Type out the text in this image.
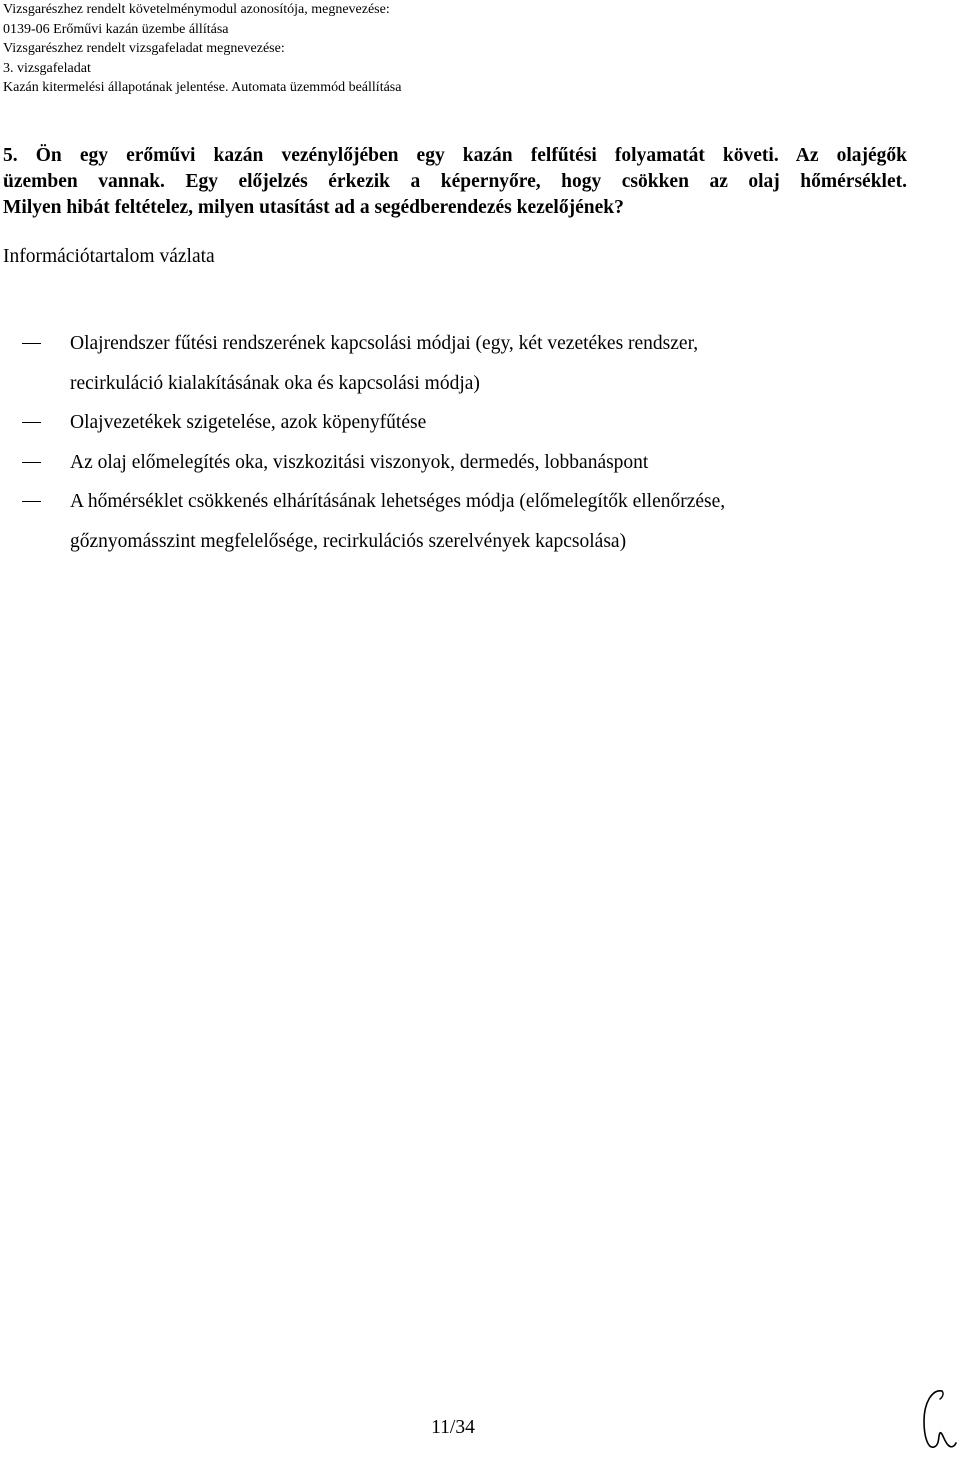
Vizsgarészhez rendelt követelménymodul azonosítója, megnevezése:
0139-06 Erőművi kazán üzembe állítása
Vizsgarészhez rendelt vizsgafeladat megnevezése:
3. vizsgafeladat
Kazán kitermelési állapotának jelentése. Automata üzemmód beállítása
5. Ön egy erőművi kazán vezénylőjében egy kazán felfűtési folyamatát követi. Az olajégők
üzemben vannak. Egy előjelzés érkezik a képernyőre, hogy csökken az olaj hőmérséklet.
Milyen hibát feltételez, milyen utasítást ad a segédberendezés kezelőjének?
Információtartalom vázlata
Olajrendszer fűtési rendszerének kapcsolási módjai (egy, két vezetékes rendszer,
recirkuláció kialakításának oka és kapcsolási módja)
Olajvezetékek szigetelése, azok köpenyfűtése
Az olaj előmelegítés oka, viszkozitási viszonyok, dermedés, lobbanáspont
A hőmérséklet csökkenés elhárításának lehetséges módja (előmelegítők ellenőrzése,
gőznyomásszint megfelelősége, recirkulációs szerelvények kapcsolása)
11/34
